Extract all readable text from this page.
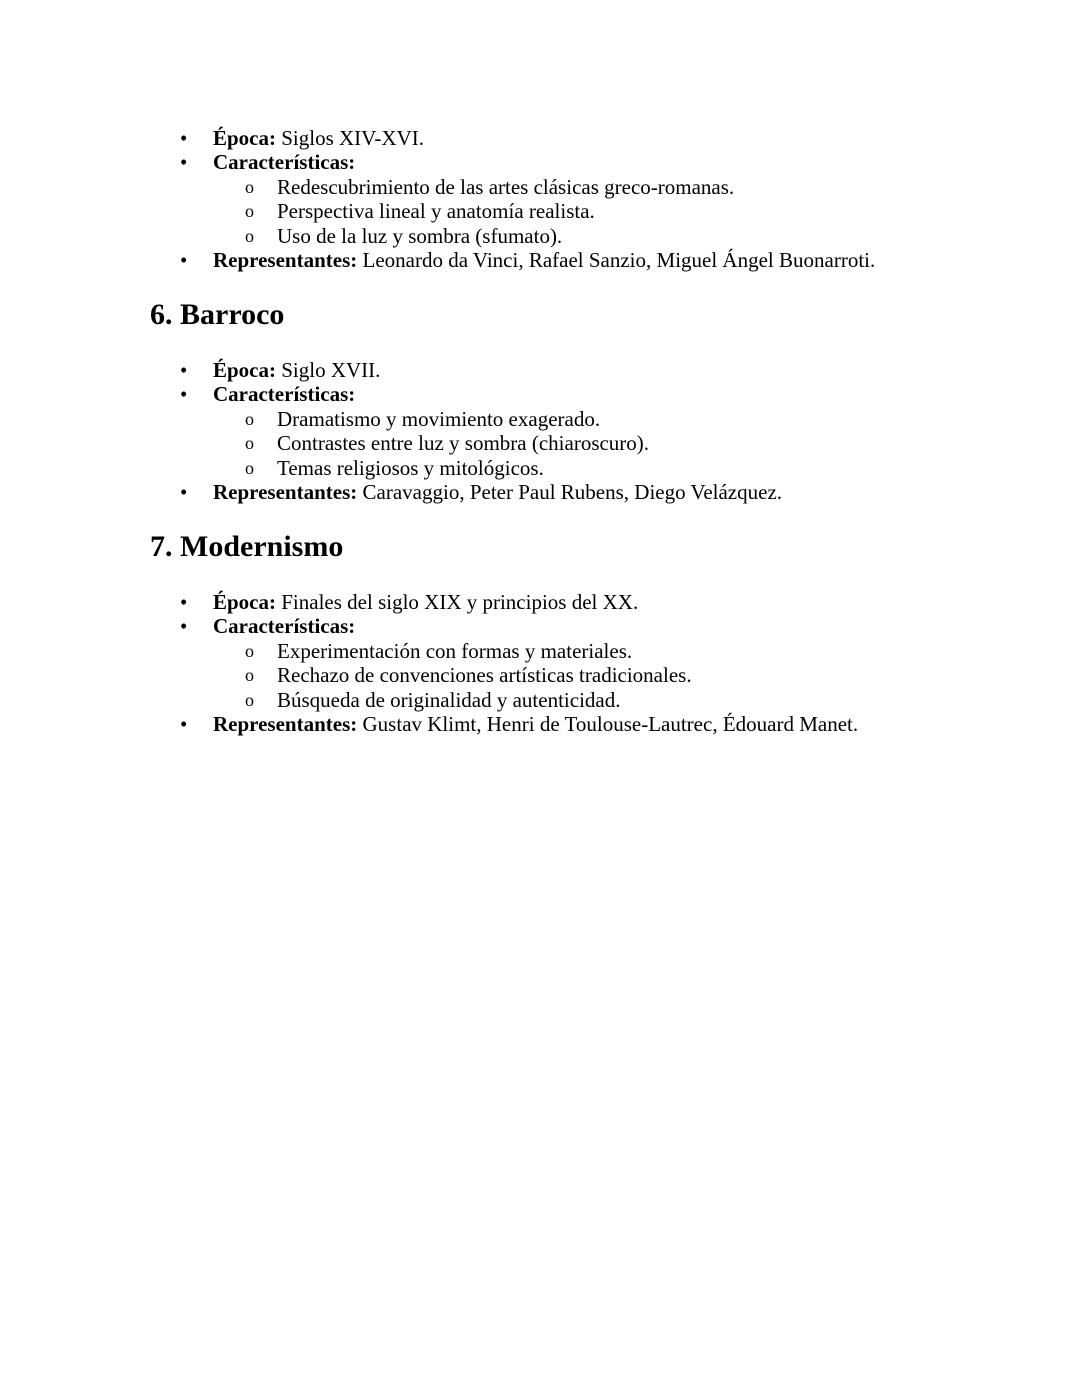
• Época: Siglos XIV-XVI.
• Características:
o Redescubrimiento de las artes clásicas greco-romanas.
o Perspectiva lineal y anatomía realista.
o Uso de la luz y sombra (sfumato).
• Representantes: Leonardo da Vinci, Rafael Sanzio, Miguel Ángel Buonarroti.
6. Barroco
• Época: Siglo XVII.
• Características:
o Dramatismo y movimiento exagerado.
o Contrastes entre luz y sombra (chiaroscuro).
o Temas religiosos y mitológicos.
• Representantes: Caravaggio, Peter Paul Rubens, Diego Velázquez.
7. Modernismo
• Época: Finales del siglo XIX y principios del XX.
• Características:
o Experimentación con formas y materiales.
o Rechazo de convenciones artísticas tradicionales.
o Búsqueda de originalidad y autenticidad.
• Representantes: Gustav Klimt, Henri de Toulouse-Lautrec, Édouard Manet.
